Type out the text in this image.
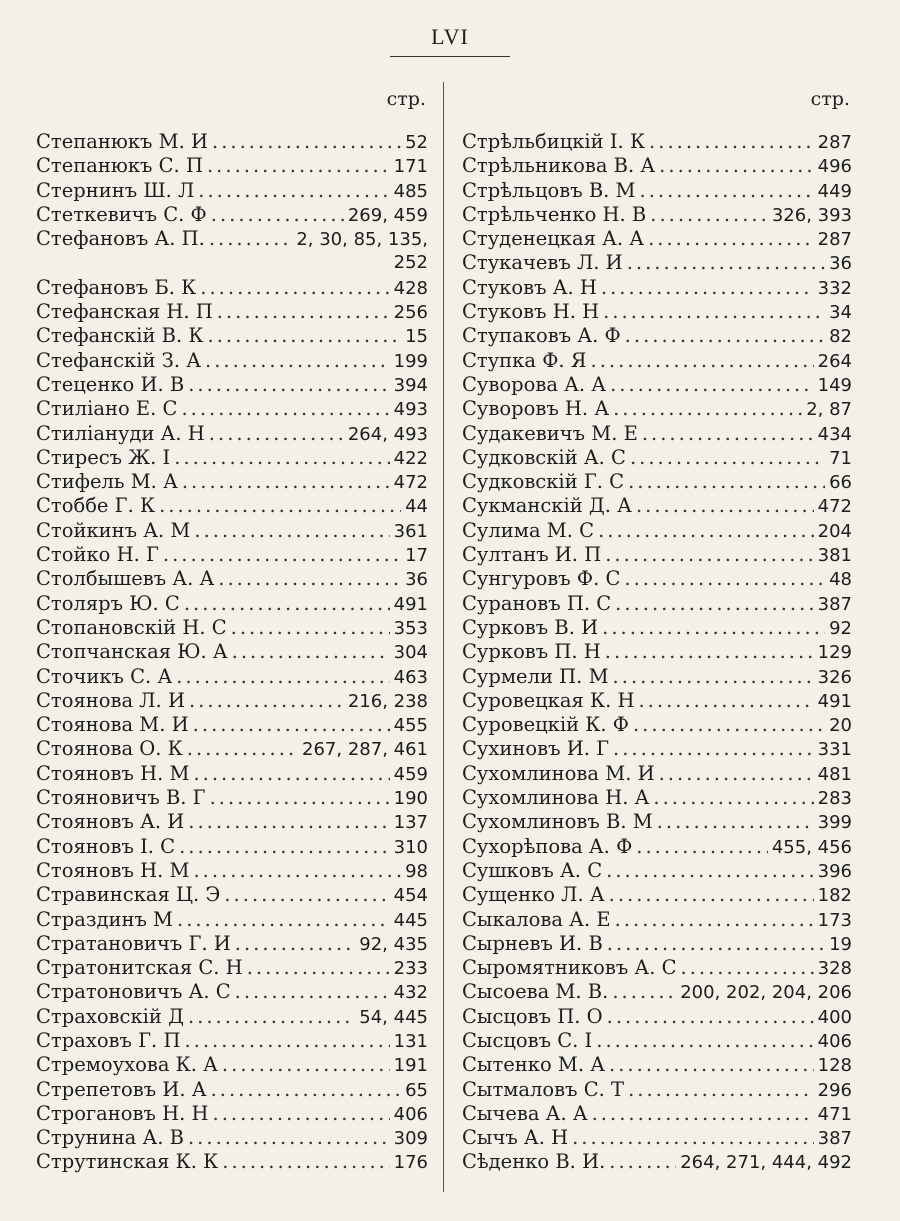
LVI
стр.
Степанюкъ М. И .....	52
Степанюкъ С. П .....	171
Стернинъ Ш. Л .....	485
Стеткевичъ С. Ф .....	269, 459
Стефановъ А. П. .....	2, 30, 85, 135,
252
Стефановъ Б. К .....	428
Стефанская Н. П .....	256
Стефанскій В. К .....	15
Стефанскій З. А .....	199
Стеценко И. В .....	394
Стиліано Е. С .....	493
Стиліануди А. Н .....	264, 493
Стиресъ Ж. І .....	422
Стифель М. А .....	472
Стоббе Г. К .....	44
Стойкинъ А. М .....	361
Стойко Н. Г .....	17
Столбышевъ А. А .....	36
Столяръ Ю. С .....	491
Стопановскій Н. С .....	353
Стопчанская Ю. А .....	304
Сточикъ С. А .....	463
Стоянова Л. И .....	216, 238
Стоянова М. И .....	455
Стоянова О. К .....	267, 287, 461
Стояновъ Н. М .....	459
Стояновичъ В. Г .....	190
Стояновъ А. И .....	137
Стояновъ І. С .....	310
Стояновъ Н. М .....	98
Стравинская Ц. Э .....	454
Страздинъ М .....	445
Стратановичъ Г. И .....	92, 435
Стратонитская С. Н .....	233
Стратоновичъ А. С .....	432
Страховскій Д .....	54, 445
Страховъ Г. П .....	131
Стремоухова К. А .....	191
Стрепетовъ И. А .....	65
Строгановъ Н. Н .....	406
Струнина А. В .....	309
Струтинская К. К .....	176
стр.
Стрѣльбицкій І. К .....	287
Стрѣльникова В. А .....	496
Стрѣльцовъ В. М .....	449
Стрѣльченко Н. В .....	326, 393
Студенецкая А. А .....	287
Стукачевъ Л. И .....	36
Стуковъ А. Н .....	332
Стуковъ Н. Н .....	34
Ступаковъ А. Ф .....	82
Ступка Ф. Я .....	264
Суворова А. А .....	149
Суворовъ Н. А .....	2, 87
Судакевичъ М. Е .....	434
Судковскій А. С .....	71
Судковскій Г. С .....	66
Сукманскій Д. А .....	472
Сулима М. С .....	204
Султанъ И. П .....	381
Сунгуровъ Ф. С .....	48
Сурановъ П. С .....	387
Сурковъ В. И .....	92
Сурковъ П. Н .....	129
Сурмели П. М .....	326
Суровецкая К. Н .....	491
Суровецкій К. Ф .....	20
Сухиновъ И. Г .....	331
Сухомлинова М. И .....	481
Сухомлинова Н. А .....	283
Сухомлиновъ В. М .....	399
Сухорѣпова А. Ф .....	455, 456
Сушковъ А. С .....	396
Сущенко Л. А .....	182
Сыкалова А. Е .....	173
Сырневъ И. В .....	19
Сыромятниковъ А. С .....	328
Сысоева М. В. .....	200, 202, 204, 206
Сысцовъ П. О .....	400
Сысцовъ С. І .....	406
Сытенко М. А .....	128
Сытмаловъ С. Т .....	296
Сычева А. А .....	471
Сычъ А. Н .....	387
Сѣденко В. И. .....	264, 271, 444, 492
